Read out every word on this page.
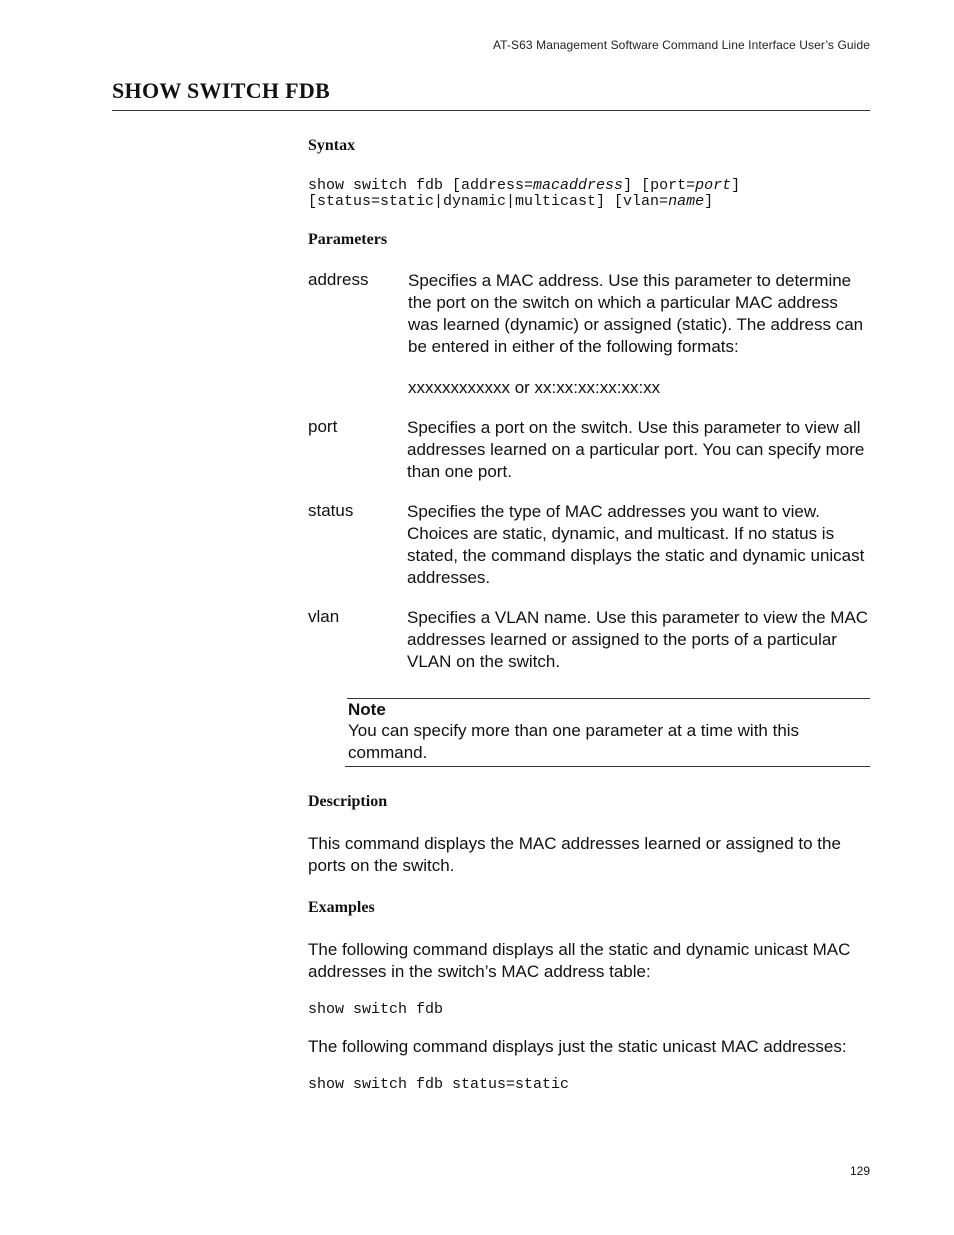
AT-S63 Management Software Command Line Interface User’s Guide
SHOW SWITCH FDB
Syntax
show switch fdb [address=macaddress] [port=port]
[status=static|dynamic|multicast] [vlan=name]
Parameters
address Specifies a MAC address. Use this parameter to determine the port on the switch on which a particular MAC address was learned (dynamic) or assigned (static). The address can be entered in either of the following formats:
xxxxxxxxxxxx or xx:xx:xx:xx:xx:xx
port	Specifies a port on the switch. Use this parameter to view all addresses learned on a particular port. You can specify more than one port.
status	Specifies the type of MAC addresses you want to view. Choices are static, dynamic, and multicast. If no status is stated, the command displays the static and dynamic unicast addresses.
vlan	Specifies a VLAN name. Use this parameter to view the MAC addresses learned or assigned to the ports of a particular VLAN on the switch.
Note
You can specify more than one parameter at a time with this command.
Description
This command displays the MAC addresses learned or assigned to the ports on the switch.
Examples
The following command displays all the static and dynamic unicast MAC addresses in the switch’s MAC address table:
show switch fdb
The following command displays just the static unicast MAC addresses:
show switch fdb status=static
129
